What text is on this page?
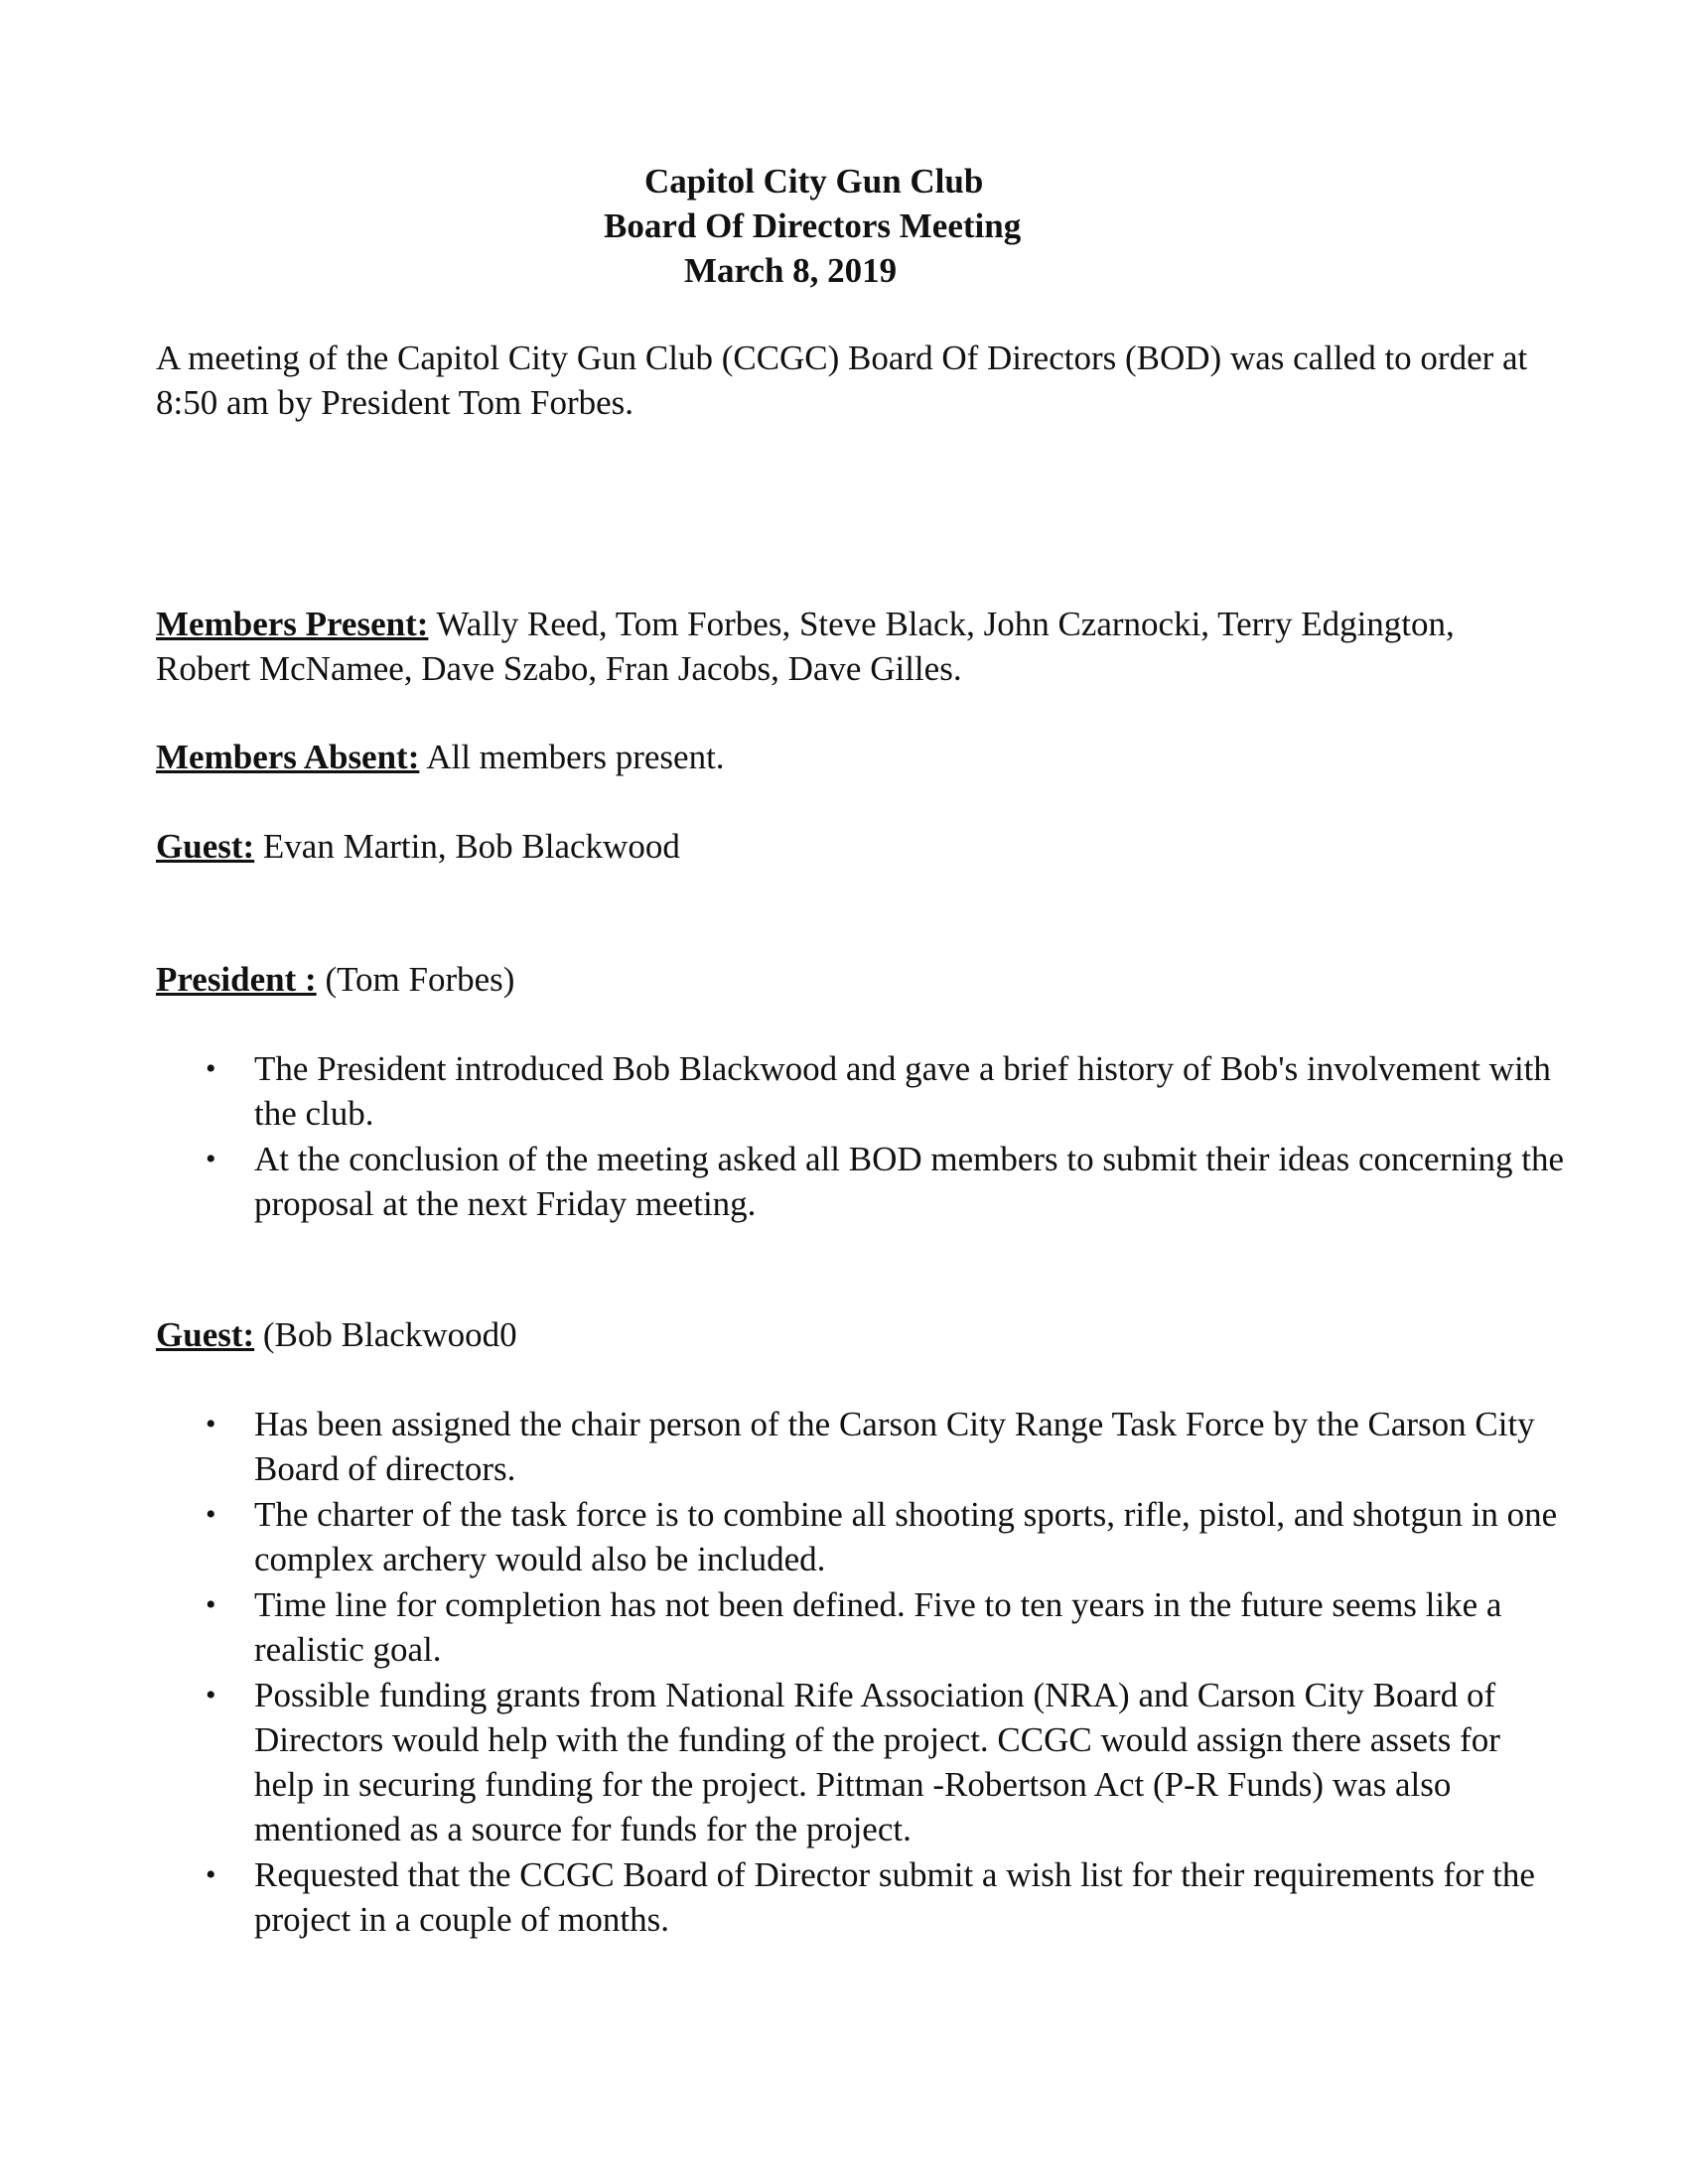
Capitol City Gun Club
Board Of Directors Meeting
March 8, 2019
A meeting of the Capitol City Gun Club (CCGC) Board Of Directors (BOD) was called to order at 8:50 am by President Tom Forbes.
Members Present: Wally Reed, Tom Forbes, Steve Black, John Czarnocki, Terry Edgington, Robert McNamee, Dave Szabo, Fran Jacobs, Dave Gilles.
Members Absent: All members present.
Guest: Evan Martin, Bob Blackwood
President : (Tom Forbes)
• The President introduced Bob Blackwood and gave a brief history of Bob's involvement with the club.
• At the conclusion of the meeting asked all BOD members to submit their ideas concerning the proposal at the next Friday meeting.
Guest: (Bob Blackwood0
• Has been assigned the chair person of the Carson City Range Task Force by the Carson City Board of directors.
• The charter of the task force is to combine all shooting sports, rifle, pistol, and shotgun in one complex archery would also be included.
• Time line for completion has not been defined. Five to ten years in the future seems like a realistic goal.
• Possible funding grants from National Rife Association (NRA) and Carson City Board of Directors would help with the funding of the project. CCGC would assign there assets for help in securing funding for the project. Pittman -Robertson Act (P-R Funds) was also mentioned as a source for funds for the project.
• Requested that the CCGC Board of Director submit a wish list for their requirements for the project in a couple of months.
